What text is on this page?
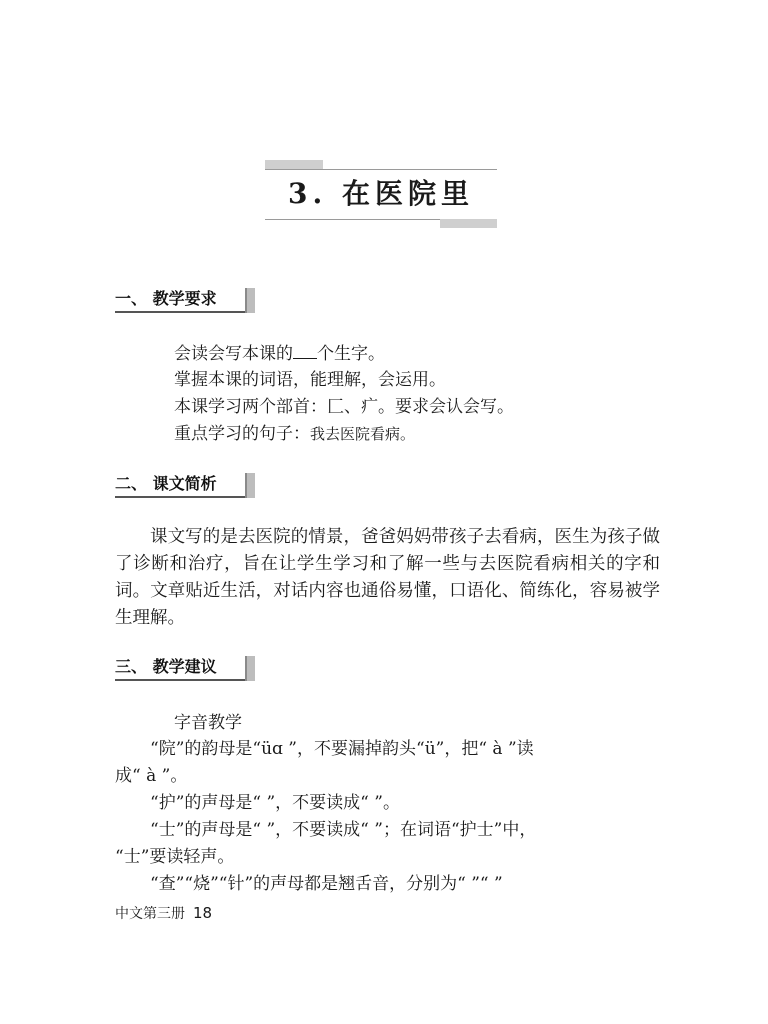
3. 在医院里
一、 教学要求
会读会写本课的 个生字。
掌握本课的词语，能理解，会运用。
本课学习两个部首：匚、疒。要求会认会写。
重点学习的句子：我去医院看病。
二、 课文简析
课文写的是去医院的情景，爸爸妈妈带孩子去看病，医生为孩子做了诊断和治疗，旨在让学生学习和了解一些与去医院看病相关的字和词。文章贴近生活，对话内容也通俗易懂，口语化、简练化，容易被学生理解。
三、 教学建议
字音教学
“院”的韵母是“üɑ ”，不要漏掉韵头“ü”，把“ à ”读
成“ à ”。
“护”的声母是“ ”，不要读成“ ”。
“士”的声母是“ ”，不要读成“ ”；在词语“护士”中，
“士”要读轻声。
“查”“烧”“针”的声母都是翘舌音，分别为“ ”“ ”
中文第三册 18
